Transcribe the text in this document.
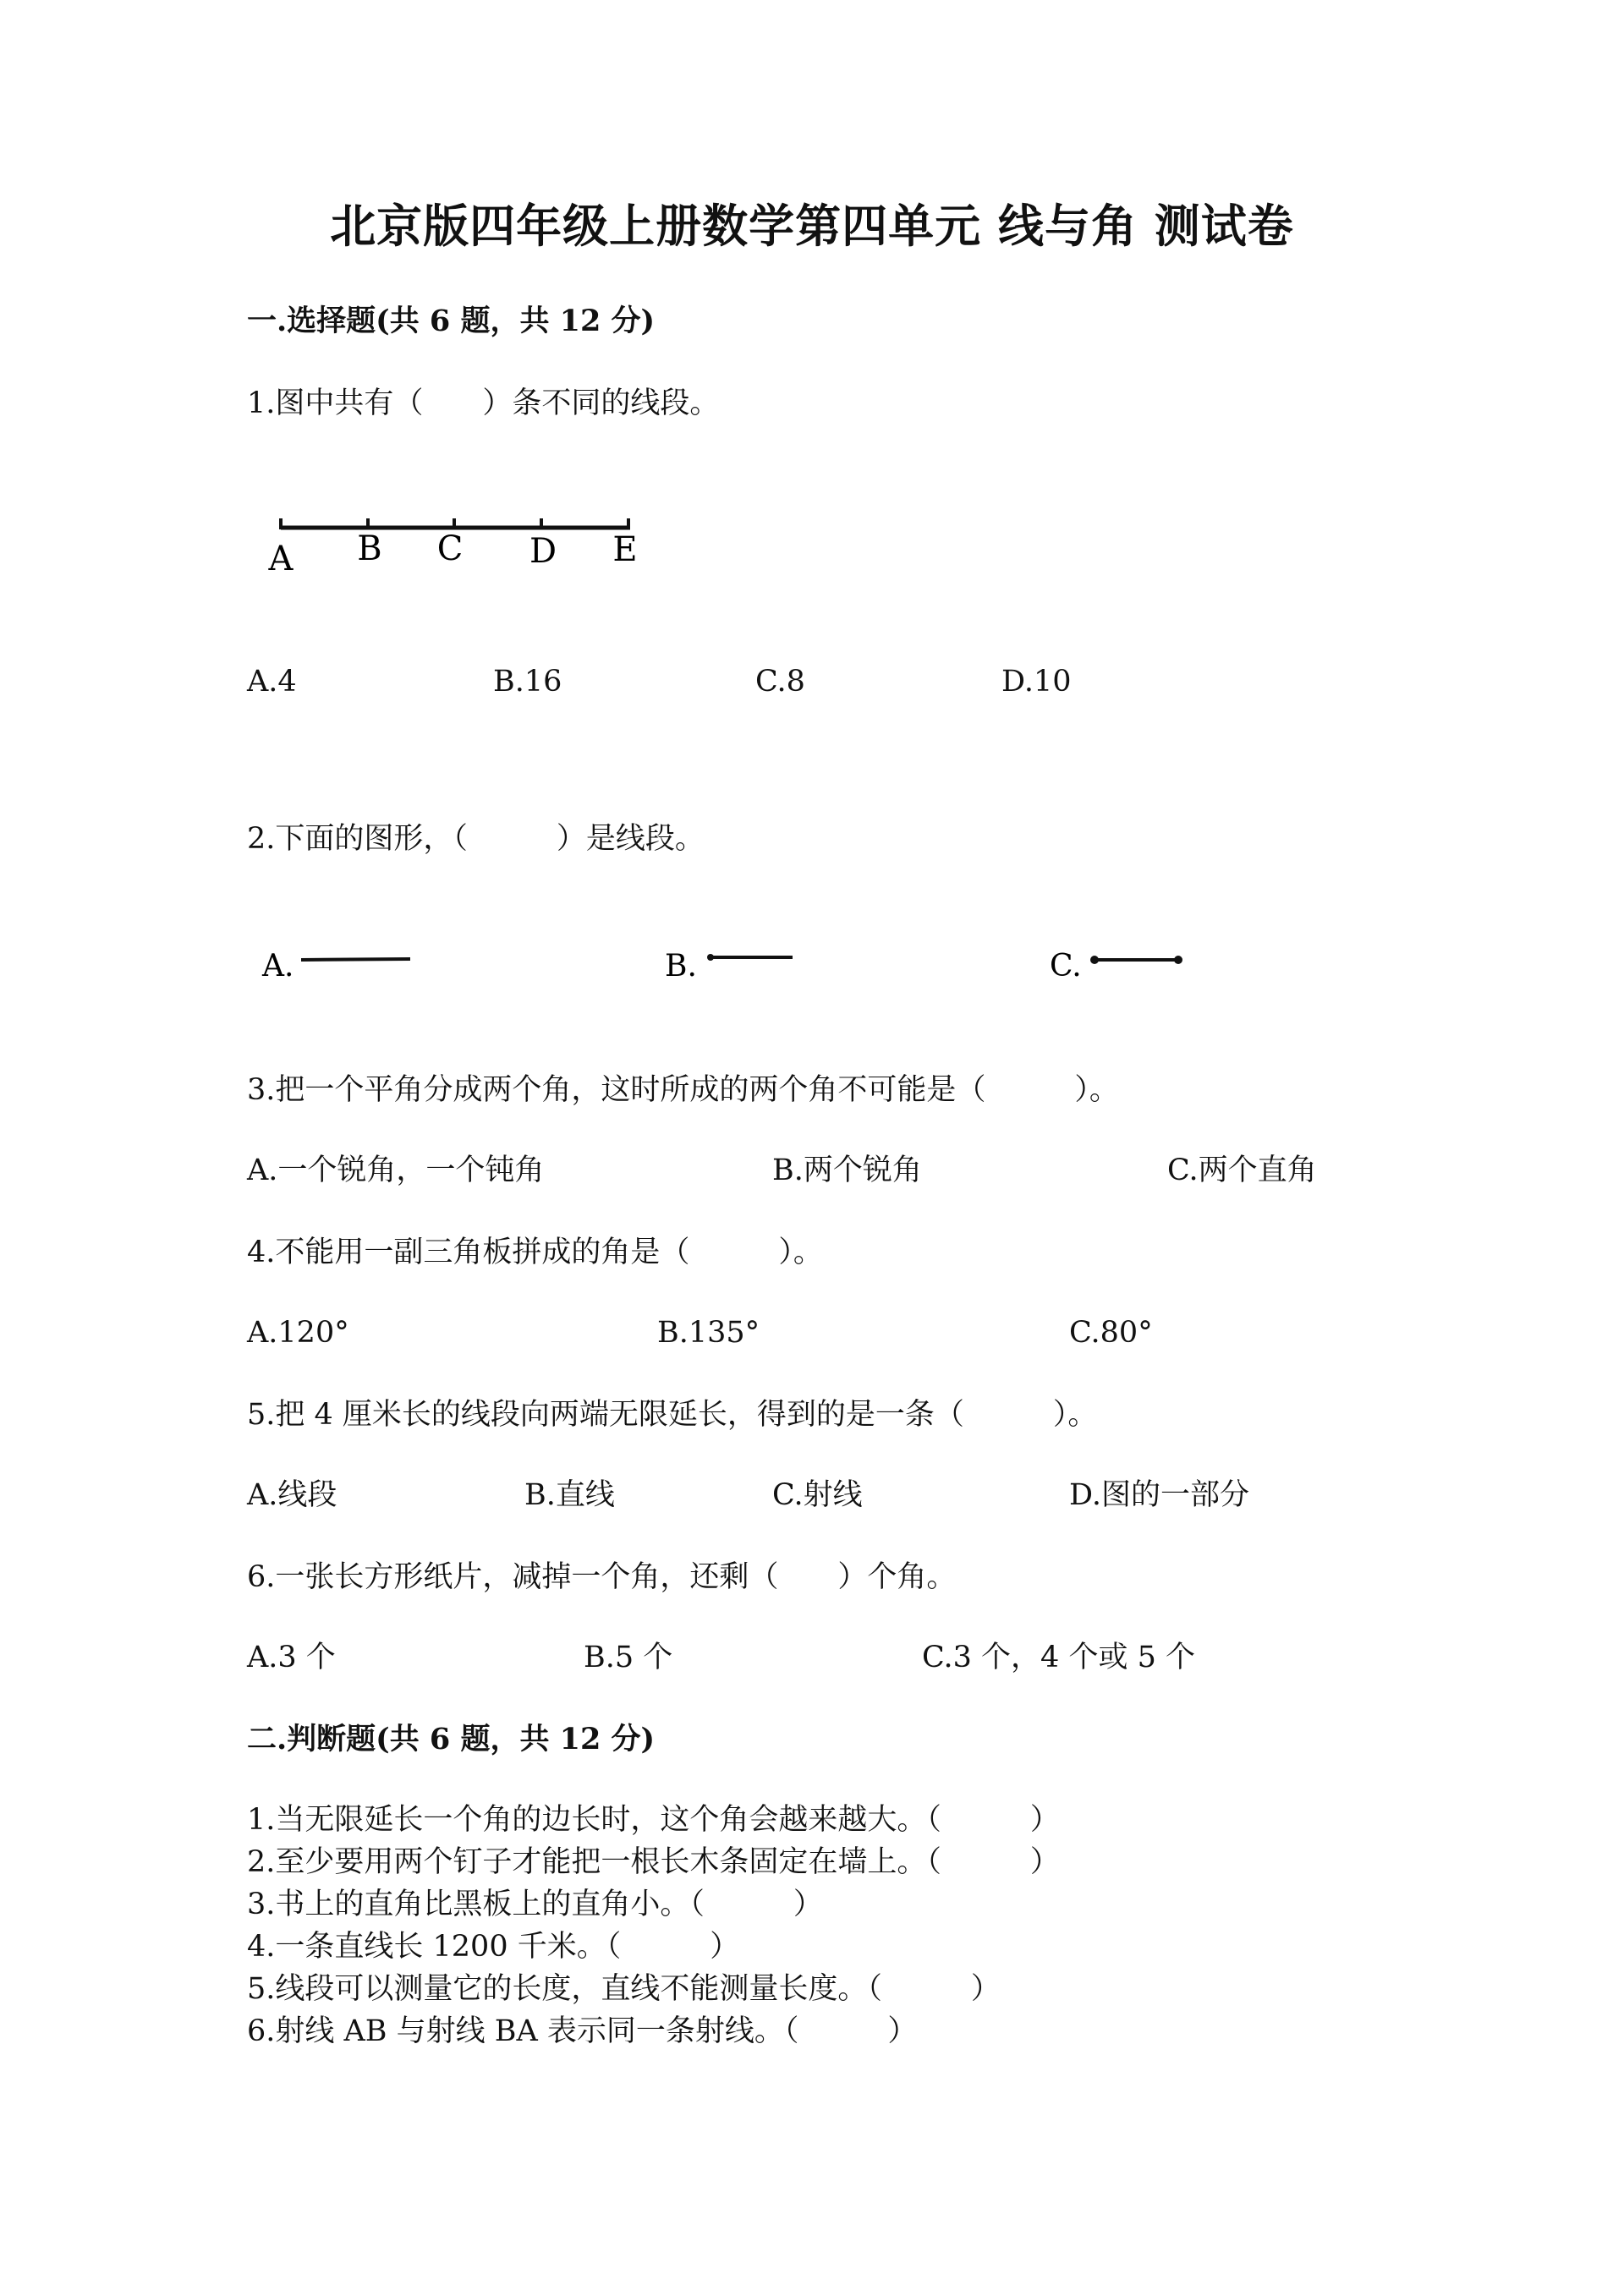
北京版四年级上册数学第四单元 线与角 测试卷
一.选择题(共 6 题，共 12 分)
1.图中共有（　　）条不同的线段。
A B C D E
A.4	B.16	C.8	D.10
2.下面的图形，（　　　）是线段。
A.	B.	C.
3.把一个平角分成两个角，这时所成的两个角不可能是（　　　）。
A.一个锐角，一个钝角	B.两个锐角	C.两个直角
4.不能用一副三角板拼成的角是（　　　）。
A.120°	B.135°	C.80°
5.把 4 厘米长的线段向两端无限延长，得到的是一条（　　　）。
A.线段	B.直线	C.射线	D.图的一部分
6.一张长方形纸片，减掉一个角，还剩（　　）个角。
A.3 个	B.5 个	C.3 个，4 个或 5 个
二.判断题(共 6 题，共 12 分)
1.当无限延长一个角的边长时，这个角会越来越大。（　　　）
2.至少要用两个钉子才能把一根长木条固定在墙上。（　　　）
3.书上的直角比黑板上的直角小。（　　　）
4.一条直线长 1200 千米。（　　　）
5.线段可以测量它的长度，直线不能测量长度。（　　　）
6.射线 AB 与射线 BA 表示同一条射线。（　　　）
